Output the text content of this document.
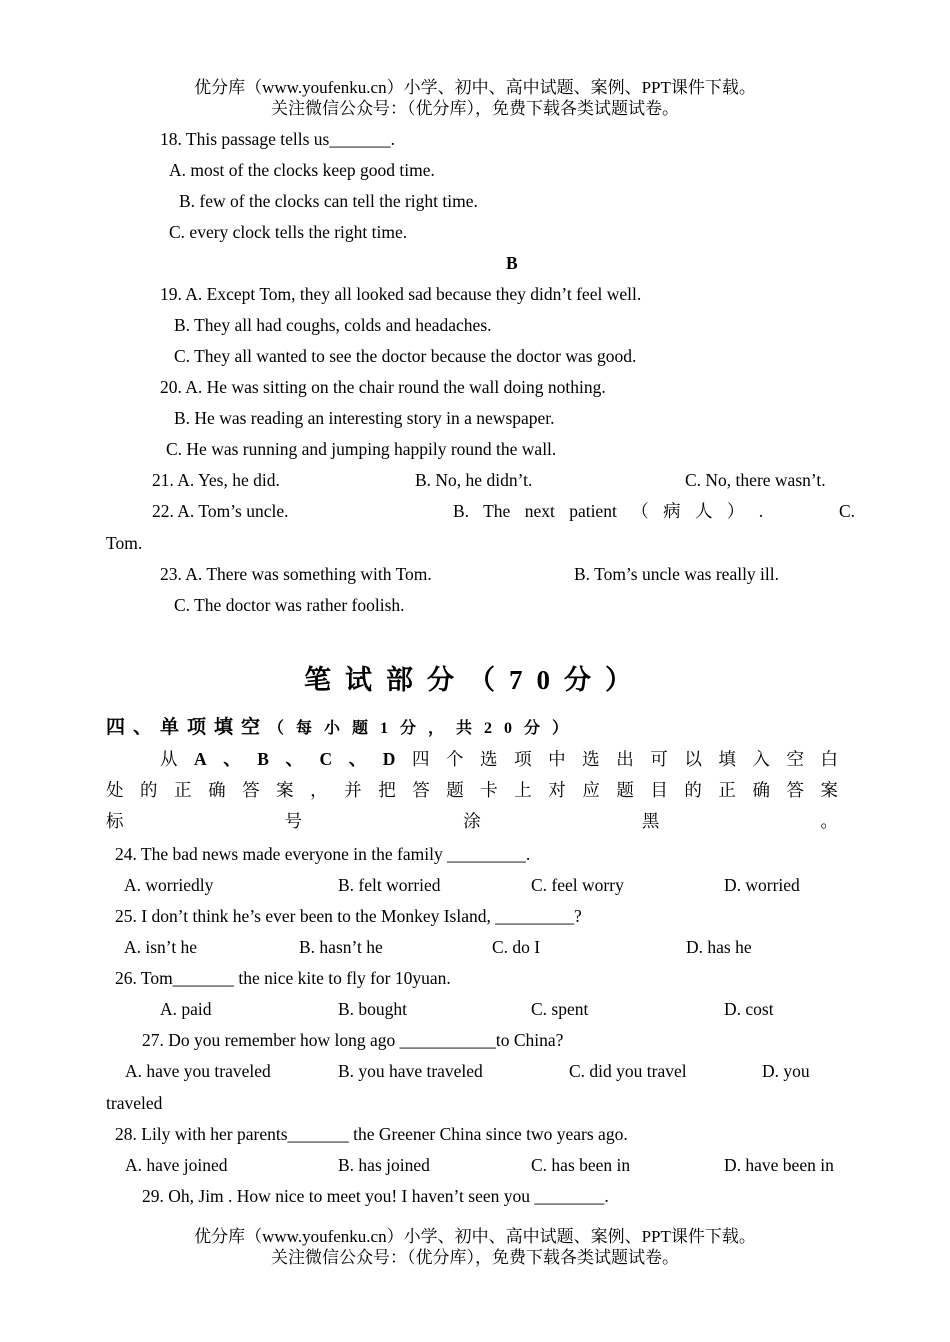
优分库（www.youfenku.cn）小学、初中、高中试题、案例、PPT课件下载。
关注微信公众号：（优分库），免费下载各类试题试卷。
18. This passage tells us_______.
A. most of the clocks keep good time.
B. few of the clocks can tell the right time.
C. every clock tells the right time.
B
19. A. Except Tom, they all looked sad because they didn’t feel well.
B. They all had coughs, colds and headaches.
C. They all wanted to see the doctor because the doctor was good.
20. A. He was sitting on the chair round the wall doing nothing.
B. He was reading an interesting story in a newspaper.
C. He was running and jumping happily round the wall.
21. A. Yes, he did.	B. No, he didn’t.	C. No, there wasn’t.
22. A. Tom’s uncle.	B. The next patient （ 病 人 ） .	C.
Tom.
23. A. There was something with Tom.	B. Tom’s uncle was really ill.
C. The doctor was rather foolish.
笔试部分（70分）
四、单项填空（每小题1分，共20分）
从A、B、C、D四个选项中选出可以填入空白处的正确答案，并把答题卡上对应题目的正确答案标号涂黑。
24. The bad news made everyone in the family _________.
A. worriedly	B. felt worried	C. feel worry	D. worried
25. I don’t think he’s ever been to the Monkey Island, _________?
A. isn’t he	B. hasn’t he	C. do I	D. has he
26. Tom_______ the nice kite to fly for 10yuan.
A. paid	B. bought	C. spent	D. cost
27. Do you remember how long ago ___________to China?
A. have you traveled	B. you have traveled	C. did you travel	D. you
traveled
28. Lily with her parents_______ the Greener China since two years ago.
A. have joined	B. has joined	C. has been in	D. have been in
29. Oh, Jim . How nice to meet you! I haven’t seen you ________.
优分库（www.youfenku.cn）小学、初中、高中试题、案例、PPT课件下载。
关注微信公众号：（优分库），免费下载各类试题试卷。
